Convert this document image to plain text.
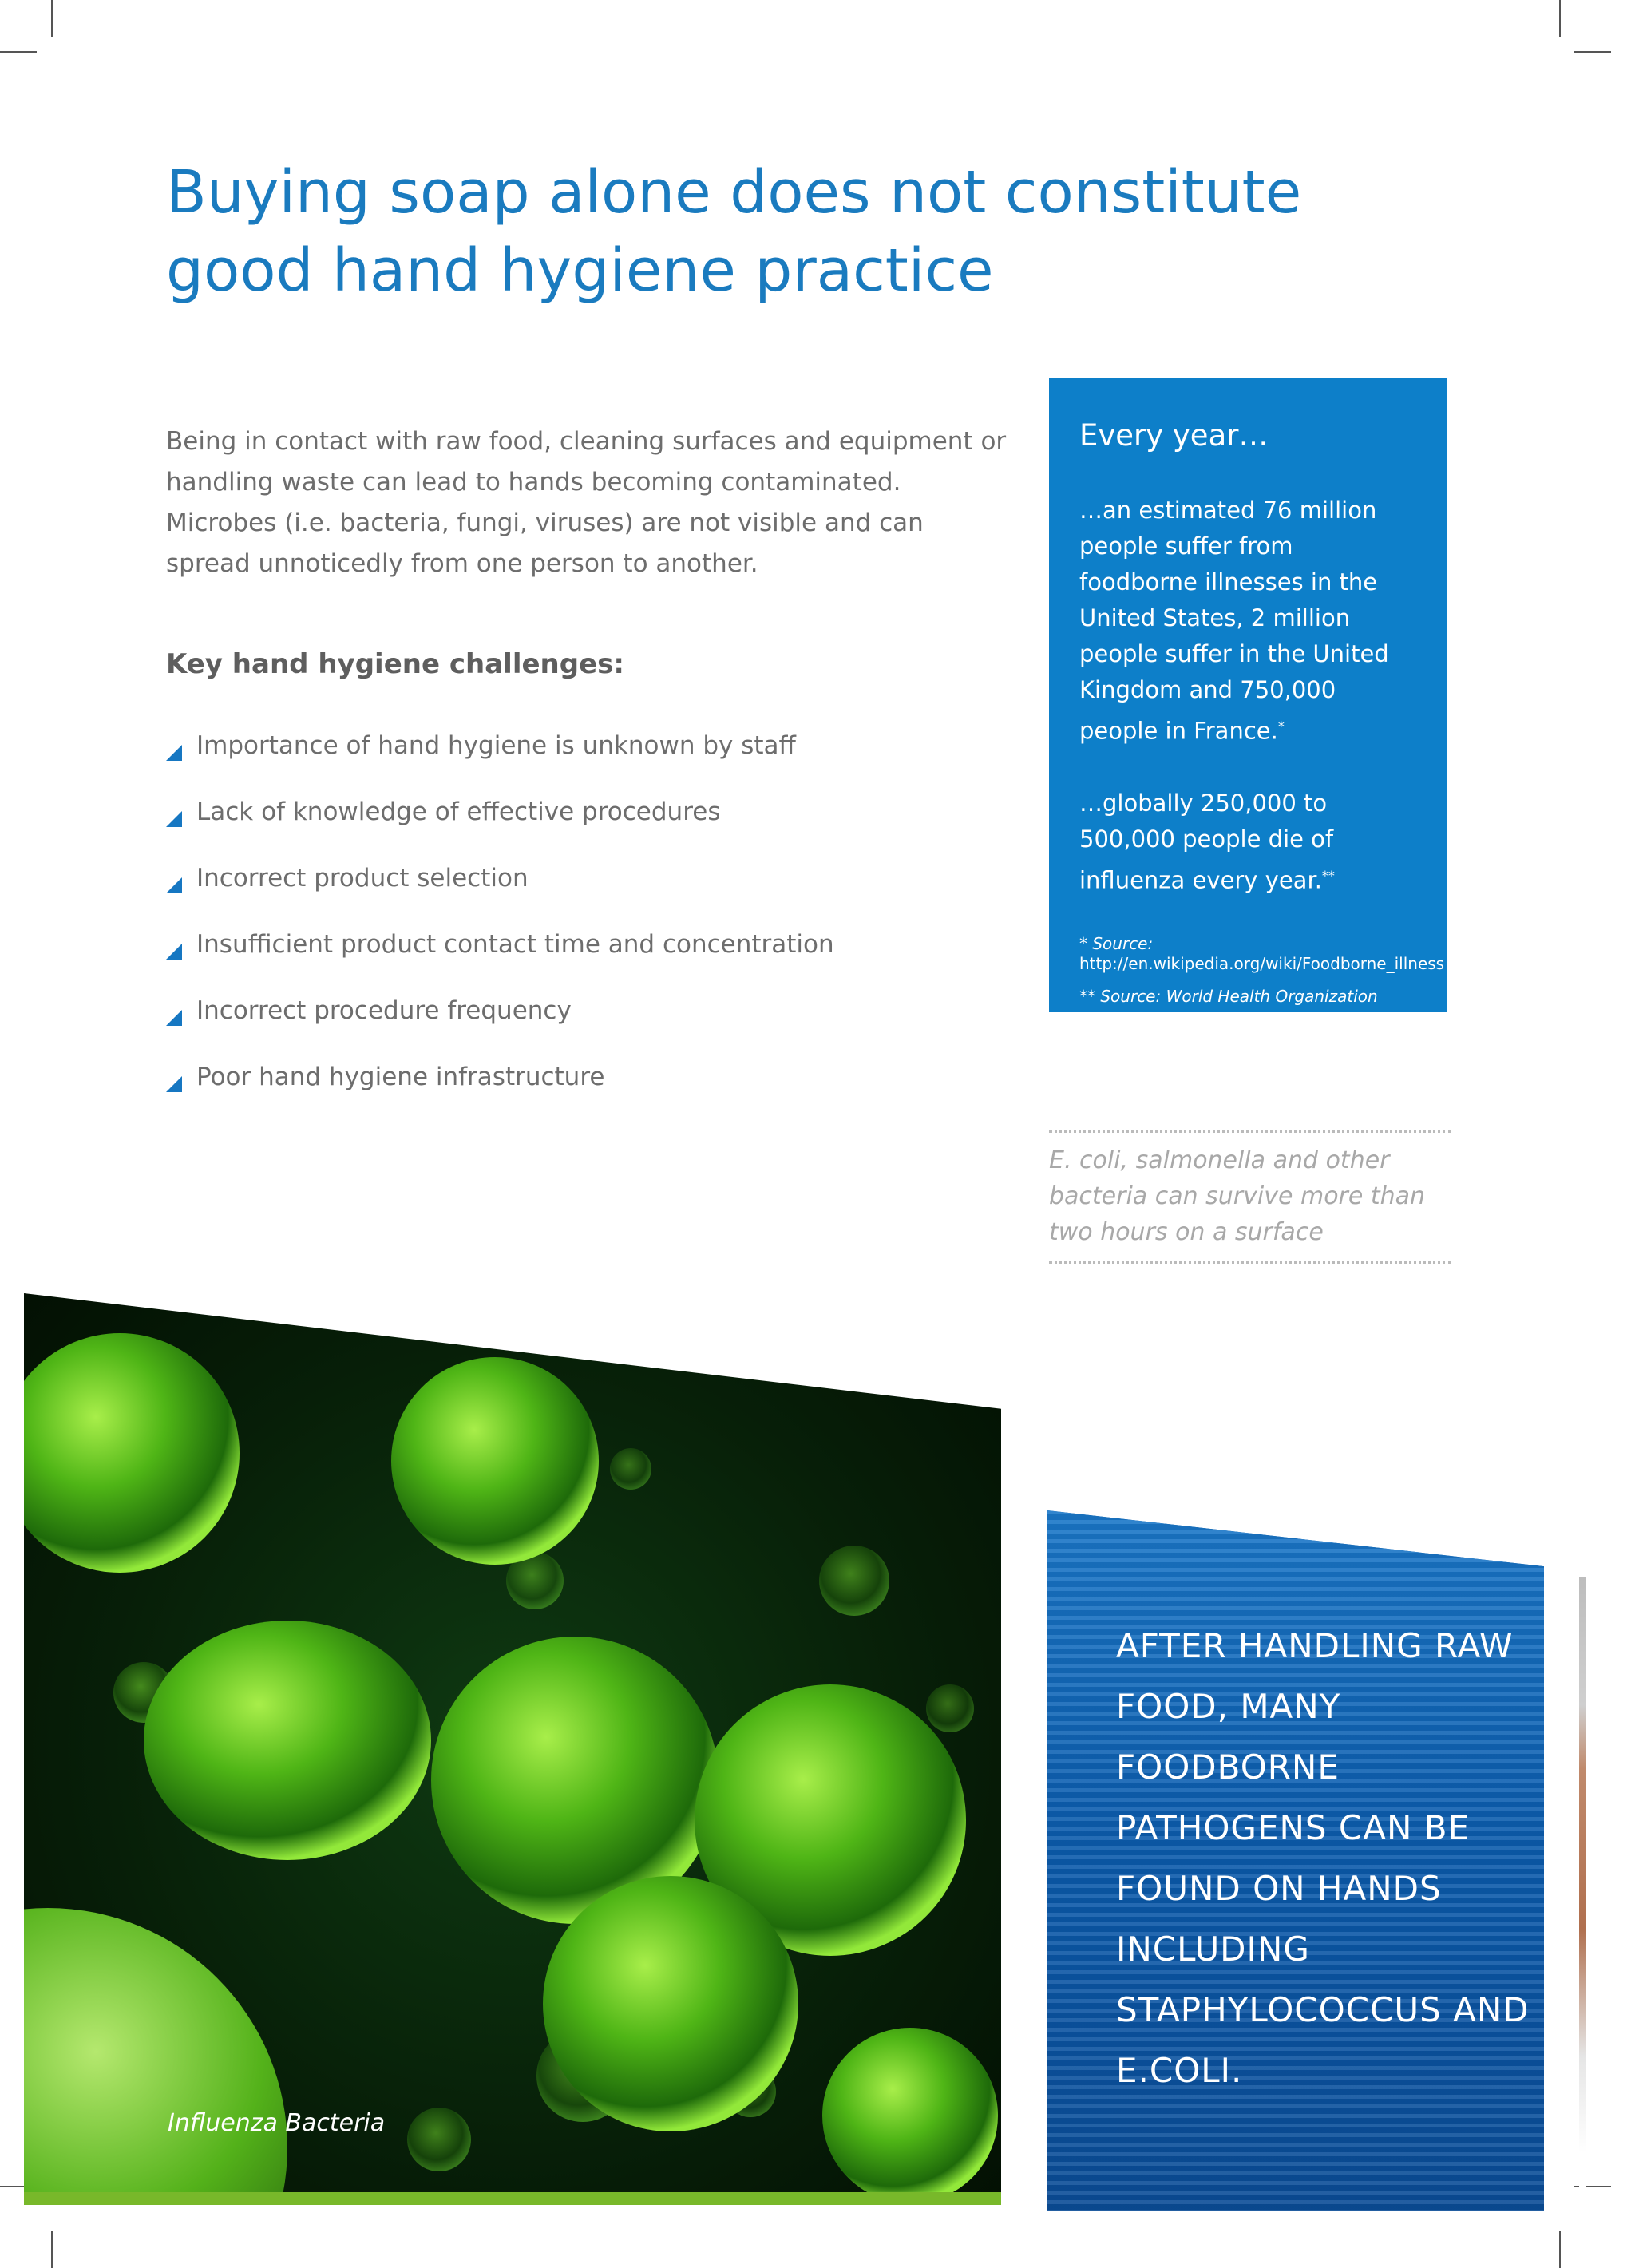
Buying soap alone does not constitute good hand hygiene practice

Being in contact with raw food, cleaning surfaces and equipment or handling waste can lead to hands becoming contaminated. Microbes (i.e. bacteria, fungi, viruses) are not visible and can spread unnoticedly from one person to another.

Key hand hygiene challenges:
Importance of hand hygiene is unknown by staff
Lack of knowledge of effective procedures
Incorrect product selection
Insufficient product contact time and concentration
Incorrect procedure frequency
Poor hand hygiene infrastructure
Every year…

…an estimated 76 million people suffer from foodborne illnesses in the United States, 2 million people suffer in the United Kingdom and 750,000 people in France.*

…globally 250,000 to 500,000 people die of influenza every year.**

* Source:

http://en.wikipedia.org/wiki/Foodborne_illness

** Source: World Health Organization

E. coli, salmonella and other bacteria can survive more than two hours on a surface
Influenza Bacteria

AFTER HANDLING RAW FOOD, MANY FOODBORNE PATHOGENS CAN BE FOUND ON HANDS INCLUDING STAPHYLOCOCCUS AND E.COLI.
